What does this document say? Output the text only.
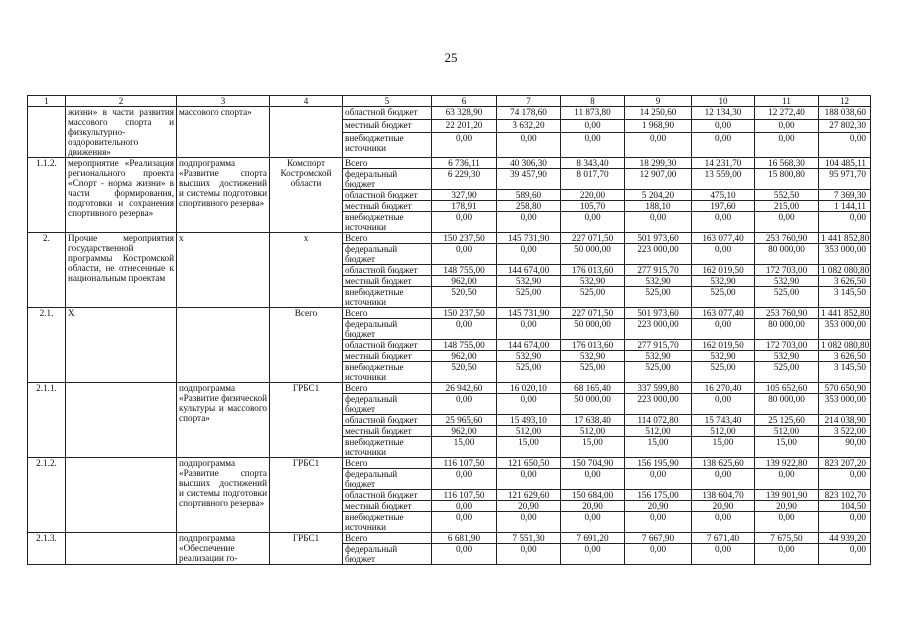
25
1	2	3	4	5	6	7	8	9	10	11	12
	жизни» в части развития массового спорта и физкультурно-оздоровительного движения»	массового спорта»		областной бюджет	63 328,90	74 178,60	11 873,80	14 250,60	12 134,30	12 272,40	188 038,60
				местный бюджет	22 201,20	3 632,20	0,00	1 968,90	0,00	0,00	27 802,30
				внебюджетные источники	0,00	0,00	0,00	0,00	0,00	0,00	0,00
1.1.2.	мероприятие «Реализация регионального проекта «Спорт - норма жизни» в части формирования, подготовки и сохранения спортивного резерва»	подпрограмма «Развитие спорта высших достижений и системы подготовки спортивного резерва»	Комспорт Костромской области	Всего	6 736,11	40 306,30	8 343,40	18 299,30	14 231,70	16 568,30	104 485,11
				федеральный бюджет	6 229,30	39 457,90	8 017,70	12 907,00	13 559,00	15 800,80	95 971,70
				областной бюджет	327,90	589,60	220,00	5 204,20	475,10	552,50	7 369,30
				местный бюджет	178,91	258,80	105,70	188,10	197,60	215,00	1 144,11
				внебюджетные источники	0,00	0,00	0,00	0,00	0,00	0,00	0,00
2.	Прочие мероприятия государственной программы Костромской области, не отнесенные к национальным проектам	х	х	Всего	150 237,50	145 731,90	227 071,50	501 973,60	163 077,40	253 760,90	1 441 852,80
				федеральный бюджет	0,00	0,00	50 000,00	223 000,00	0,00	80 000,00	353 000,00
				областной бюджет	148 755,00	144 674,00	176 013,60	277 915,70	162 019,50	172 703,00	1 082 080,80
				местный бюджет	962,00	532,90	532,90	532,90	532,90	532,90	3 626,50
				внебюджетные источники	520,50	525,00	525,00	525,00	525,00	525,00	3 145,50
2.1.	Х		Всего	Всего	150 237,50	145 731,90	227 071,50	501 973,60	163 077,40	253 760,90	1 441 852,80
				федеральный бюджет	0,00	0,00	50 000,00	223 000,00	0,00	80 000,00	353 000,00
				областной бюджет	148 755,00	144 674,00	176 013,60	277 915,70	162 019,50	172 703,00	1 082 080,80
				местный бюджет	962,00	532,90	532,90	532,90	532,90	532,90	3 626,50
				внебюджетные источники	520,50	525,00	525,00	525,00	525,00	525,00	3 145,50
2.1.1.		подпрограмма «Развитие физической культуры и массового спорта»	ГРБС1	Всего	26 942,60	16 020,10	68 165,40	337 599,80	16 270,40	105 652,60	570 650,90
				федеральный бюджет	0,00	0,00	50 000,00	223 000,00	0,00	80 000,00	353 000,00
				областной бюджет	25 965,60	15 493,10	17 638,40	114 072,80	15 743,40	25 125,60	214 038,90
				местный бюджет	962,00	512,00	512,00	512,00	512,00	512,00	3 522,00
				внебюджетные источники	15,00	15,00	15,00	15,00	15,00	15,00	90,00
2.1.2.		подпрограмма «Развитие спорта высших достижений и системы подготовки спортивного резерва»	ГРБС1	Всего	116 107,50	121 650,50	150 704,90	156 195,90	138 625,60	139 922,80	823 207,20
				федеральный бюджет	0,00	0,00	0,00	0,00	0,00	0,00	0,00
				областной бюджет	116 107,50	121 629,60	150 684,00	156 175,00	138 604,70	139 901,90	823 102,70
				местный бюджет	0,00	20,90	20,90	20,90	20,90	20,90	104,50
				внебюджетные источники	0,00	0,00	0,00	0,00	0,00	0,00	0,00
2.1.3.		подпрограмма «Обеспечение реализации го-	ГРБС1	Всего	6 681,90	7 551,30	7 691,20	7 667,90	7 671,40	7 675,50	44 939,20
				федеральный бюджет	0,00	0,00	0,00	0,00	0,00	0,00	0,00
